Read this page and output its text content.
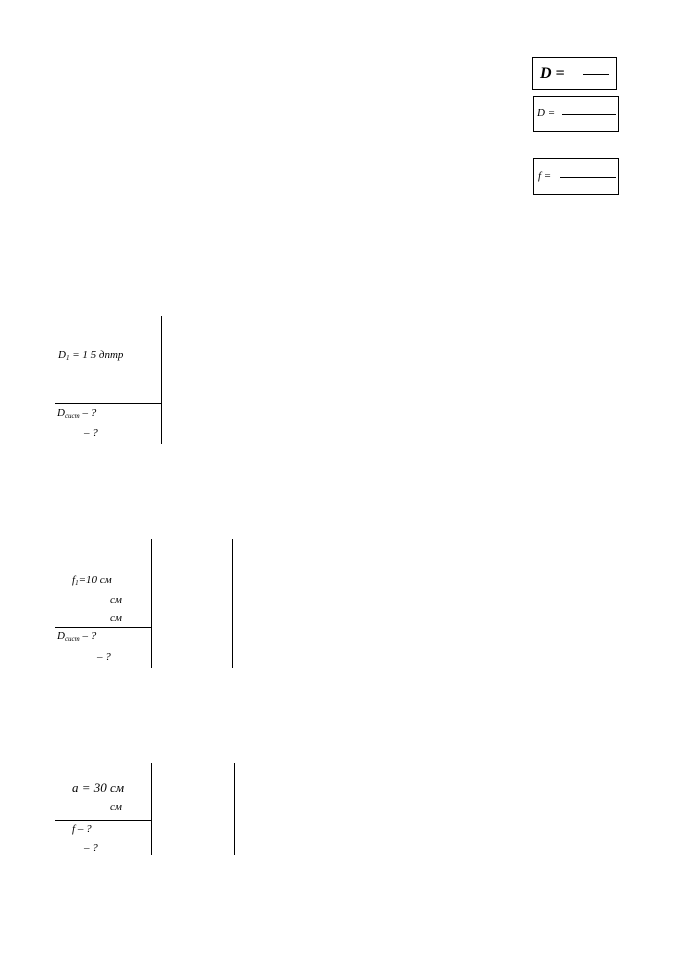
D =
D =
f =
$D_1 = 1$ 5 дптр
$D_{сист}$ – ?
– ?
$f_1=10$ см
см
см
$D_{сист}$ – ?
– ?
a = 30 см
см
f – ?
– ?
